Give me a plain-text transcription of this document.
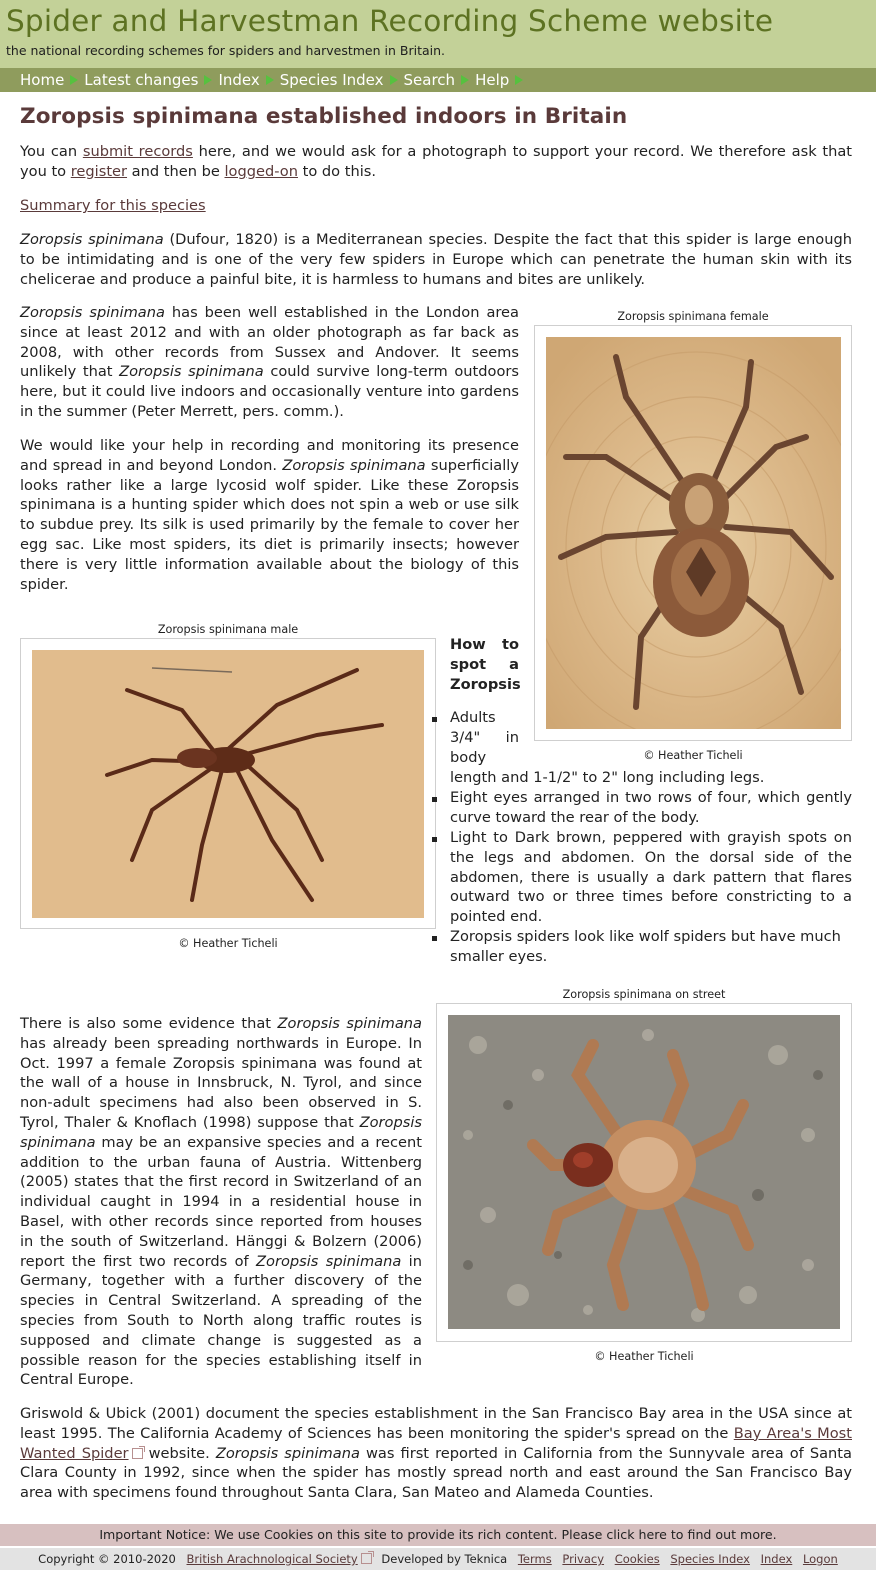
Spider and Harvestman Recording Scheme website
the national recording schemes for spiders and harvestmen in Britain.
Home Latest changes Index Species Index Search Help
Zoropsis spinimana established indoors in Britain

You can submit records here, and we would ask for a photograph to support your record. We therefore ask that you to register and then be logged-on to do this.

Summary for this species

Zoropsis spinimana (Dufour, 1820) is a Mediterranean species. Despite the fact that this spider is large enough to be intimidating and is one of the very few spiders in Europe which can penetrate the human skin with its chelicerae and produce a painful bite, it is harmless to humans and bites are unlikely.

Zoropsis spinimana has been well established in the London area since at least 2012 and with an older photograph as far back as 2008, with other records from Sussex and Andover. It seems unlikely that Zoropsis spinimana could survive long-term outdoors here, but it could live indoors and occasionally venture into gardens in the summer (Peter Merrett, pers. comm.).

We would like your help in recording and monitoring its presence and spread in and beyond London. Zoropsis spinimana superficially looks rather like a large lycosid wolf spider. Like these Zoropsis spinimana is a hunting spider which does not spin a web or use silk to subdue prey. Its silk is used primarily by the female to cover her egg sac. Like most spiders, its diet is primarily insects; however there is very little information available about the biology of this spider.

Zoropsis spinimana female
© Heather Ticheli
Zoropsis spinimana male
© Heather Ticheli
How to spot a Zoropsis
Adults 3/4" in body
length and 1-1/2" to 2" long including legs.
Eight eyes arranged in two rows of four, which gently curve toward the rear of the body.
Light to Dark brown, peppered with grayish spots on the legs and abdomen. On the dorsal side of the abdomen, there is usually a dark pattern that flares outward two or three times before constricting to a pointed end.
Zoropsis spiders look like wolf spiders but have much smaller eyes.
Zoropsis spinimana on street
© Heather Ticheli

There is also some evidence that Zoropsis spinimana has already been spreading northwards in Europe. In Oct. 1997 a female Zoropsis spinimana was found at the wall of a house in Innsbruck, N. Tyrol, and since non-adult specimens had also been observed in S. Tyrol, Thaler & Knoflach (1998) suppose that Zoropsis spinimana may be an expansive species and a recent addition to the urban fauna of Austria. Wittenberg (2005) states that the first record in Switzerland of an individual caught in 1994 in a residential house in Basel, with other records since reported from houses in the south of Switzerland. Hänggi & Bolzern (2006) report the first two records of Zoropsis spinimana in Germany, together with a further discovery of the species in Central Switzerland. A spreading of the species from South to North along traffic routes is supposed and climate change is suggested as a possible reason for the species establishing itself in Central Europe.

Griswold & Ubick (2001) document the species establishment in the San Francisco Bay area in the USA since at least 1995. The California Academy of Sciences has been monitoring the spider's spread on the Bay Area's Most Wanted Spider website. Zoropsis spinimana was first reported in California from the Sunnyvale area of Santa Clara County in 1992, since when the spider has mostly spread north and east around the San Francisco Bay area with specimens found throughout Santa Clara, San Mateo and Alameda Counties.

Important Notice: We use Cookies on this site to provide its rich content. Please click here to find out more.
Copyright © 2010-2020 British Arachnological Society Developed by Teknica Terms Privacy Cookies Species Index Index Logon
